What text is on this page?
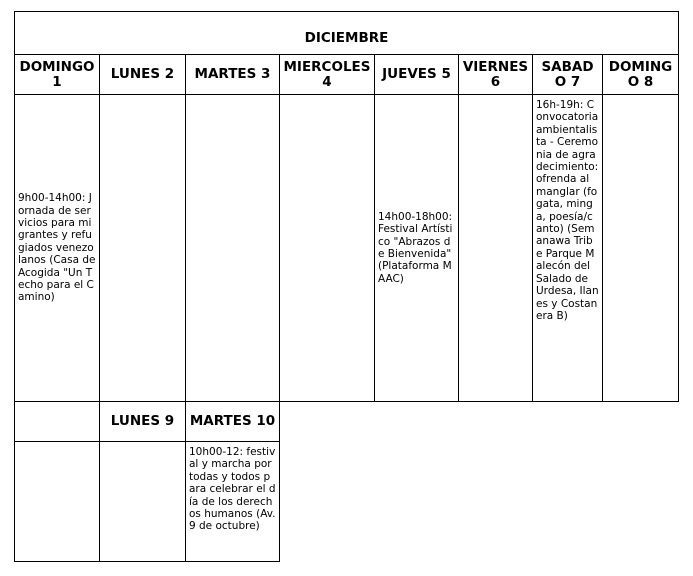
DICIEMBRE							
DOMINGO 1	LUNES 2	MARTES 3	MIERCOLES 4	JUEVES 5	VIERNES 6	SABADO 7	DOMINGO 8
9h00-14h00: Jornada de servicios para migrantes y refugiados venezolanos (Casa de Acogida "Un Techo para el Camino)				14h00-18h00: Festival Artístico "Abrazos de Bienvenida" (Plataforma MAAC)		16h-19h: Convocatoria ambientalista - Ceremonia de agradecimiento: ofrenda al manglar (fogata, minga, poesía/canto) (Semanawa Tribe Parque Malecón del Salado de Urdesa, Ilanes y Costanera B)	
	LUNES 9	MARTES 10					
		10h00-12: festival y marcha por todas y todos para celebrar el día de los derechos humanos (Av. 9 de octubre)					
